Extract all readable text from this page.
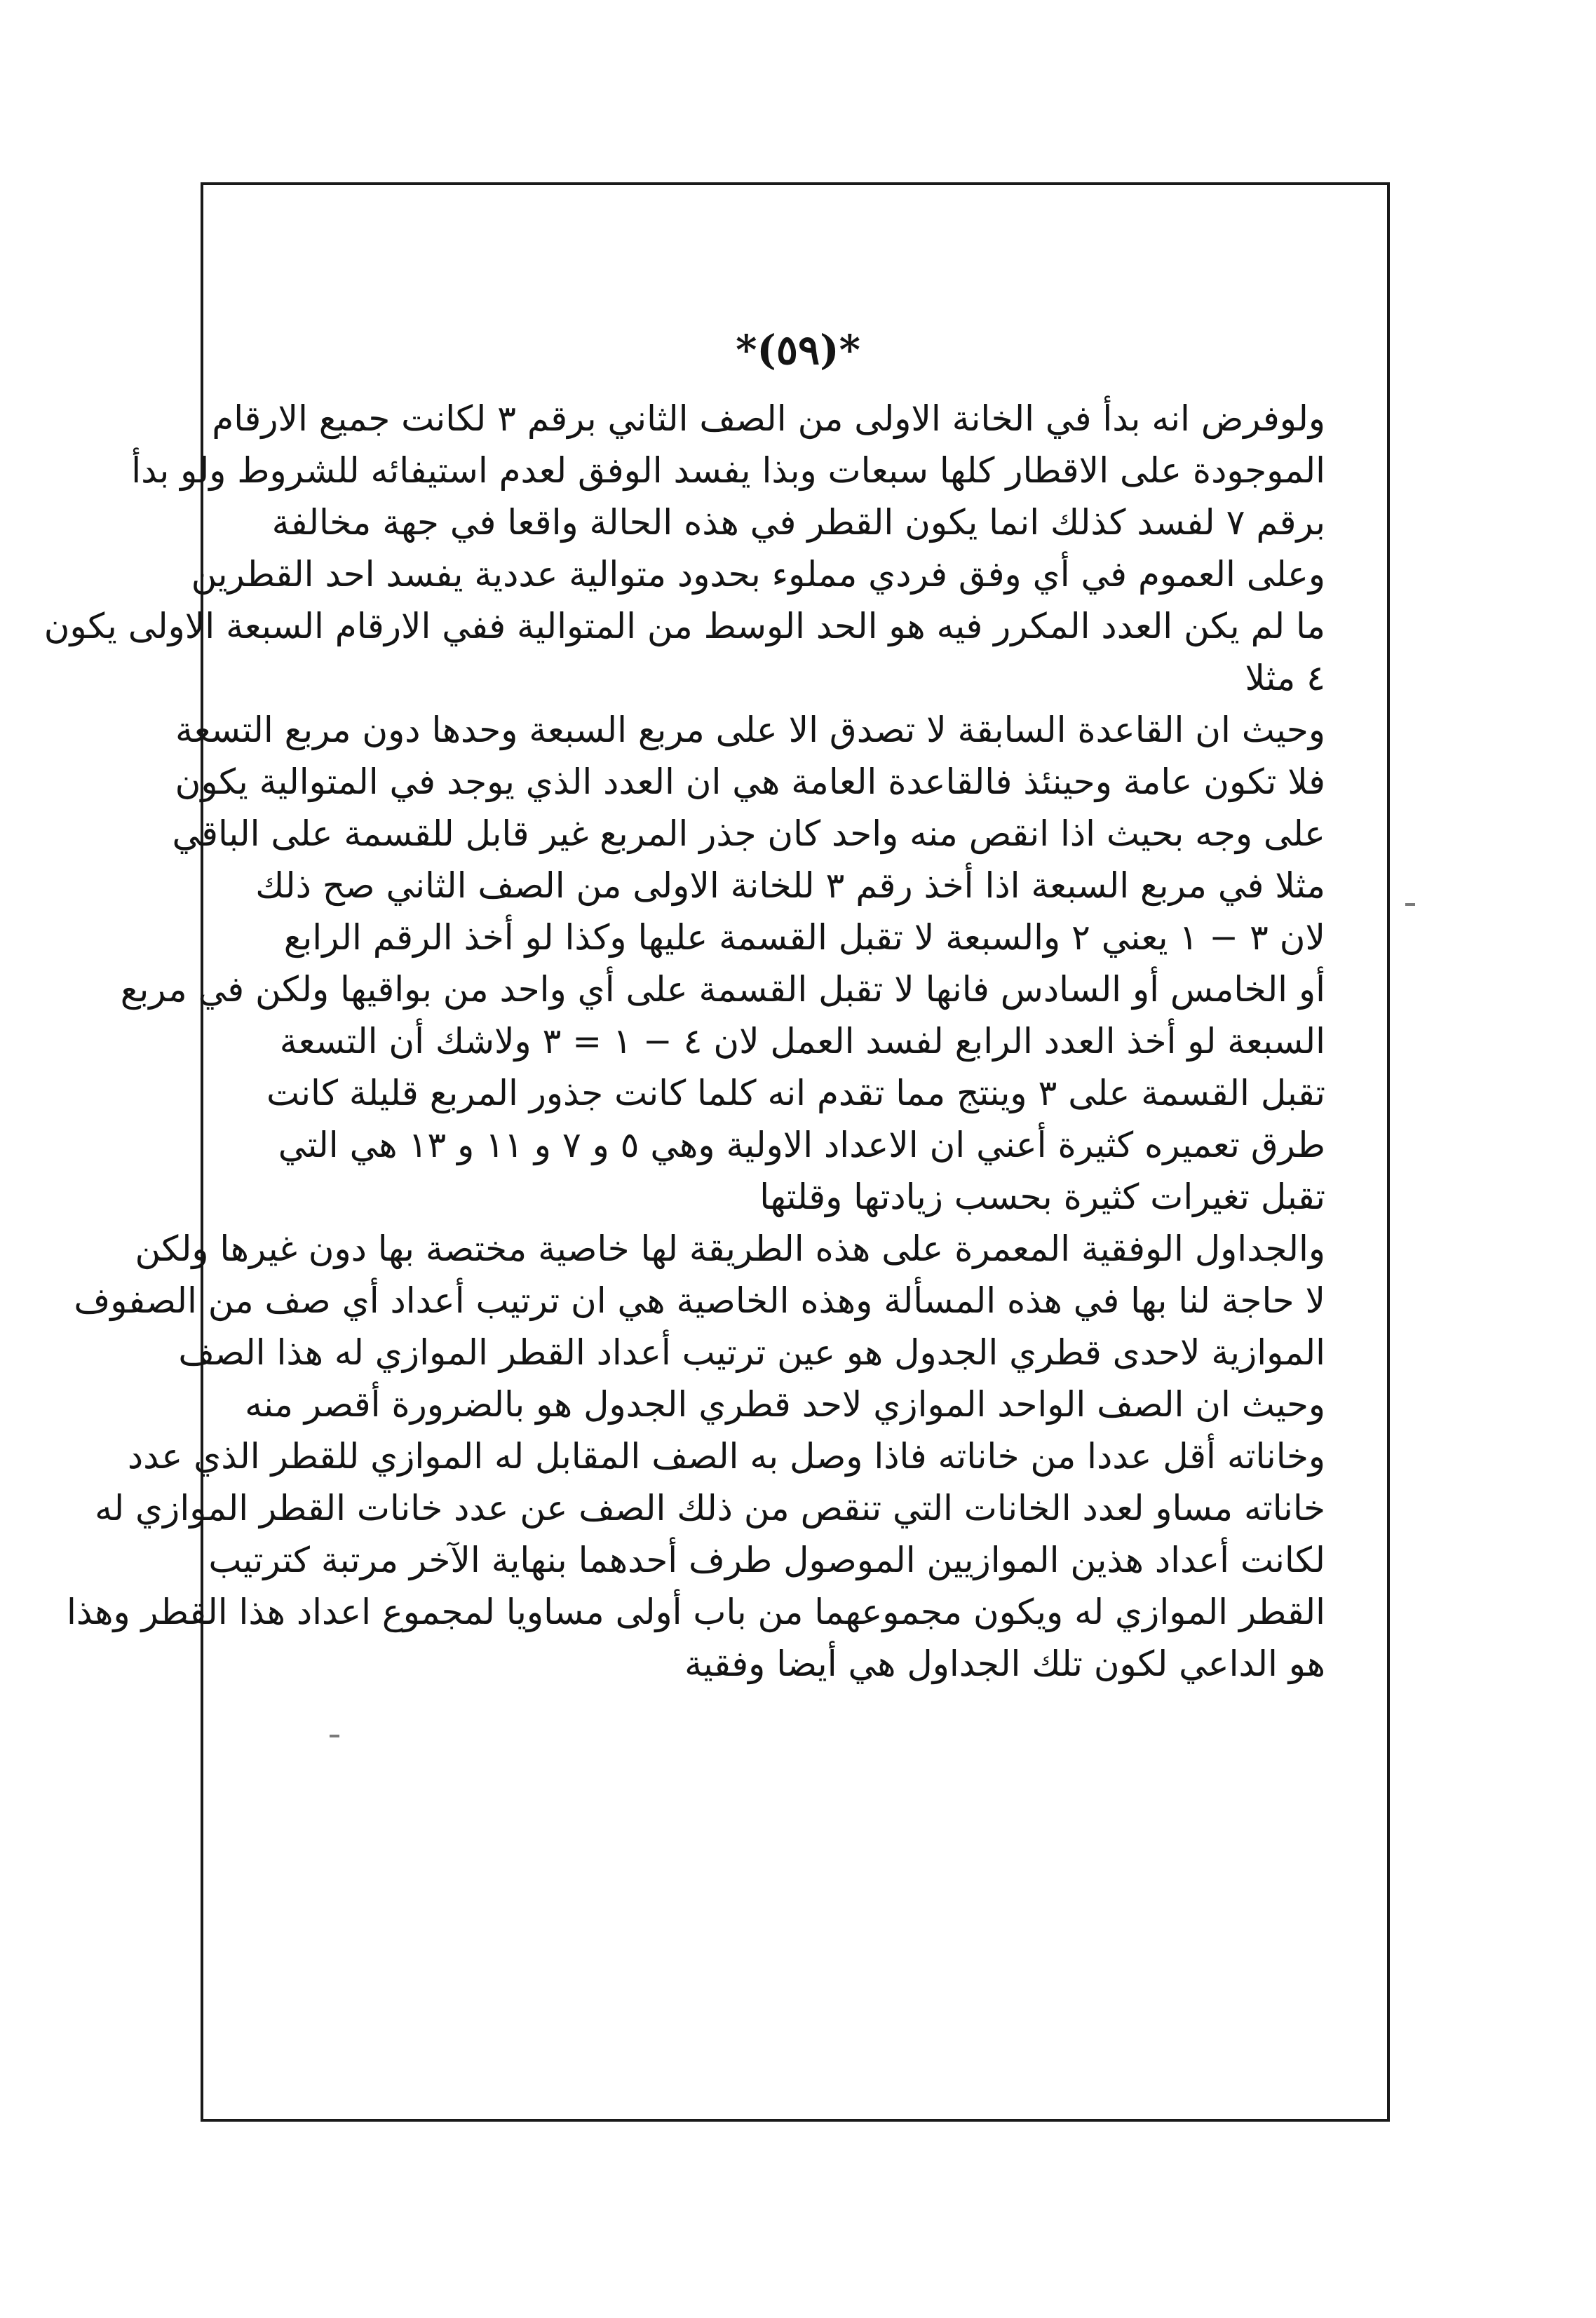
*(٥٩)*
ولوفرض انه بدأ في الخانة الاولى من الصف الثاني برقم ٣ لكانت جميع الارقام
الموجودة على الاقطار كلها سبعات وبذا يفسد الوفق لعدم استيفائه للشروط ولو بدأ
برقم ٧ لفسد كذلك انما يكون القطر في هذه الحالة واقعا في جهة مخالفة
وعلى العموم في أي وفق فردي مملوء بحدود متوالية عددية يفسد احد القطرين
ما لم يكن العدد المكرر فيه هو الحد الوسط من المتوالية ففي الارقام السبعة الاولى يكون
٤ مثلا
وحيث ان القاعدة السابقة لا تصدق الا على مربع السبعة وحدها دون مربع التسعة
فلا تكون عامة وحينئذ فالقاعدة العامة هي ان العدد الذي يوجد في المتوالية يكون
على وجه بحيث اذا انقص منه واحد كان جذر المربع غير قابل للقسمة على الباقي
مثلا في مربع السبعة اذا أخذ رقم ٣ للخانة الاولى من الصف الثاني صح ذلك
لان ٣ − ١ يعني ٢ والسبعة لا تقبل القسمة عليها وكذا لو أخذ الرقم الرابع
أو الخامس أو السادس فانها لا تقبل القسمة على أي واحد من بواقيها ولكن في مربع
السبعة لو أخذ العدد الرابع لفسد العمل لان ٤ − ١ = ٣ ولاشك أن التسعة
تقبل القسمة على ٣ وينتج مما تقدم انه كلما كانت جذور المربع قليلة كانت
طرق تعميره كثيرة أعني ان الاعداد الاولية وهي ٥ و ٧ و ١١ و ١٣ هي التي
تقبل تغيرات كثيرة بحسب زيادتها وقلتها
والجداول الوفقية المعمرة على هذه الطريقة لها خاصية مختصة بها دون غيرها ولكن
لا حاجة لنا بها في هذه المسألة وهذه الخاصية هي ان ترتيب أعداد أي صف من الصفوف
الموازية لاحدى قطري الجدول هو عين ترتيب أعداد القطر الموازي له هذا الصف
وحيث ان الصف الواحد الموازي لاحد قطري الجدول هو بالضرورة أقصر منه
وخاناته أقل عددا من خاناته فاذا وصل به الصف المقابل له الموازي للقطر الذي عدد
خاناته مساو لعدد الخانات التي تنقص من ذلك الصف عن عدد خانات القطر الموازي له
لكانت أعداد هذين الموازيين الموصول طرف أحدهما بنهاية الآخر مرتبة كترتيب
القطر الموازي له ويكون مجموعهما من باب أولى مساويا لمجموع اعداد هذا القطر وهذا
هو الداعي لكون تلك الجداول هي أيضا وفقية
